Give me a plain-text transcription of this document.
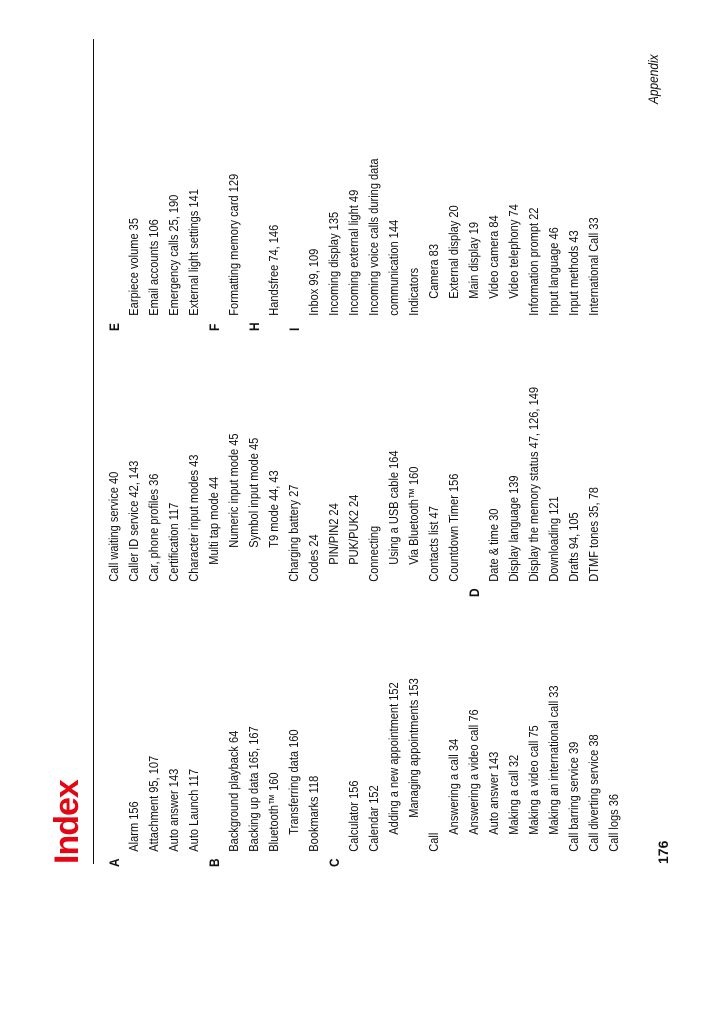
Index A
Alarm 156 Attachment 95, 107 Auto answer 143 Auto Launch 117
B
Background playback 64 Backing up data 165, 167 Bluetooth™ 160 Transferring data 160 Bookmarks 118
C
Calculator 156 Calendar 152 Adding a new appointment 152 Managing appointments 153
Call
Answering a call 34 Answering a video call 76 Auto answer 143 Making a call 32 Making a video call 75 Making an international call 33 Call barring service 39 Call diverting service 38 Call logs 36
Call waiting service 40 Caller ID service 42, 143 Car, phone profiles 36 Certification 117 Character input modes 43 Multi tap mode 44 Numeric input mode 45 Symbol input mode 45 T9 mode 44, 43 Charging battery 27 Codes 24 PIN/PIN2 24 PUK/PUK2 24 Connecting Using a USB cable 164 Via Bluetooth™ 160 Contacts list 47 Countdown Timer 156
D
Date & time 30 Display language 139 Display the memory status 47, 126, 149 Downloading 121 Drafts 94, 105 DTMF tones 35, 78
E
Earpiece volume 35 Email accounts 106 Emergency calls 25, 190 External light settings 141
F
Formatting memory card 129
H
Handsfree 74, 146
I
Inbox 99, 109 Incoming display 135 Incoming external light 49 Incoming voice calls during data communication 144 Indicators Camera 83 External display 20 Main display 19 Video camera 84 Video telephony 74 Information prompt 22 Input language 46 Input methods 43 International Call 33
176
Appendix
